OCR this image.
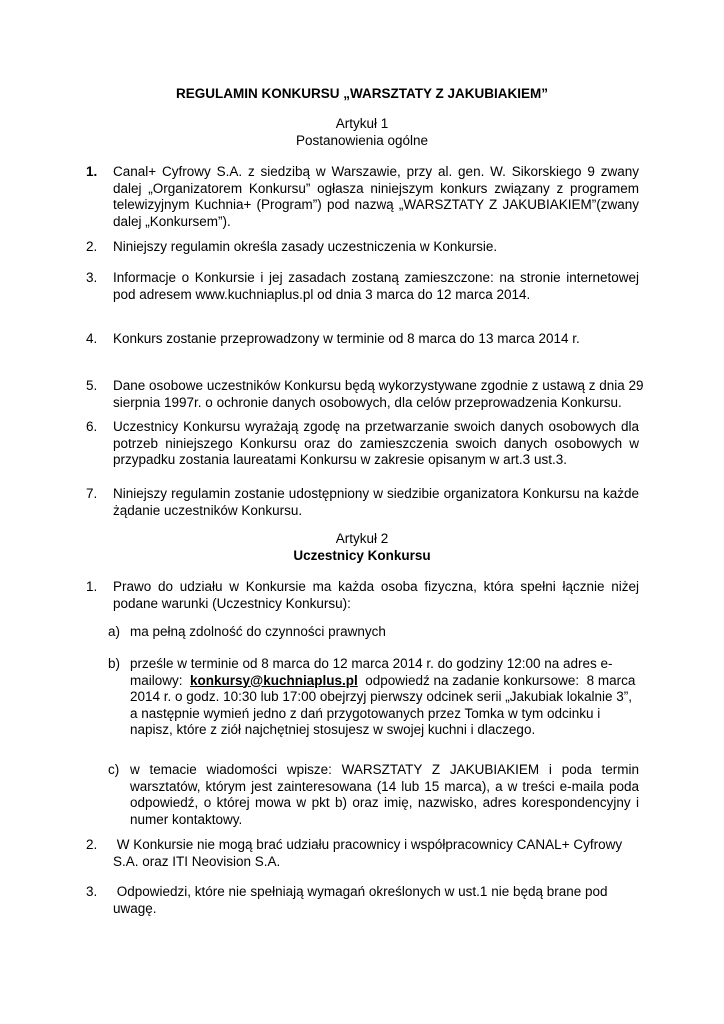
REGULAMIN KONKURSU „WARSZTATY Z JAKUBIAKIEM”
Artykuł 1
Postanowienia ogólne
1. Canal+ Cyfrowy S.A. z siedzibą w Warszawie, przy al. gen. W. Sikorskiego 9 zwany
dalej „Organizatorem Konkursu” ogłasza niniejszym konkurs związany z programem
telewizyjnym Kuchnia+ (Program”) pod nazwą „WARSZTATY Z JAKUBIAKIEM”(zwany
dalej „Konkursem”).
2. Niniejszy regulamin określa zasady uczestniczenia w Konkursie.
3. Informacje o Konkursie i jej zasadach zostaną zamieszczone: na stronie internetowej
pod adresem www.kuchniaplus.pl od dnia 3 marca do 12 marca 2014.
4. Konkurs zostanie przeprowadzony w terminie od 8 marca do 13 marca 2014 r.
5. Dane osobowe uczestników Konkursu będą wykorzystywane zgodnie z ustawą z dnia 29
sierpnia 1997r. o ochronie danych osobowych, dla celów przeprowadzenia Konkursu.
6. Uczestnicy Konkursu wyrażają zgodę na przetwarzanie swoich danych osobowych dla
potrzeb niniejszego Konkursu oraz do zamieszczenia swoich danych osobowych w
przypadku zostania laureatami Konkursu w zakresie opisanym w art.3 ust.3.
7. Niniejszy regulamin zostanie udostępniony w siedzibie organizatora Konkursu na każde
żądanie uczestników Konkursu.
Artykuł 2
Uczestnicy Konkursu
1. Prawo do udziału w Konkursie ma każda osoba fizyczna, która spełni łącznie niżej
podane warunki (Uczestnicy Konkursu):
a) ma pełną zdolność do czynności prawnych
b) prześle w terminie od 8 marca do 12 marca 2014 r. do godziny 12:00 na adres e-
mailowy:  konkursy@kuchniaplus.pl  odpowiedź na zadanie konkursowe:  8 marca
2014 r. o godz. 10:30 lub 17:00 obejrzyj pierwszy odcinek serii „Jakubiak lokalnie 3”,
a następnie wymień jedno z dań przygotowanych przez Tomka w tym odcinku i
napisz, które z ziół najchętniej stosujesz w swojej kuchni i dlaczego.
c) w temacie wiadomości wpisze: WARSZTATY Z JAKUBIAKIEM i poda termin
warsztatów, którym jest zainteresowana (14 lub 15 marca), a w treści e-maila poda
odpowiedź, o której mowa w pkt b) oraz imię, nazwisko, adres korespondencyjny i
numer kontaktowy.
2. W Konkursie nie mogą brać udziału pracownicy i współpracownicy CANAL+ Cyfrowy
S.A. oraz ITI Neovision S.A.
3. Odpowiedzi, które nie spełniają wymagań określonych w ust.1 nie będą brane pod
uwagę.
